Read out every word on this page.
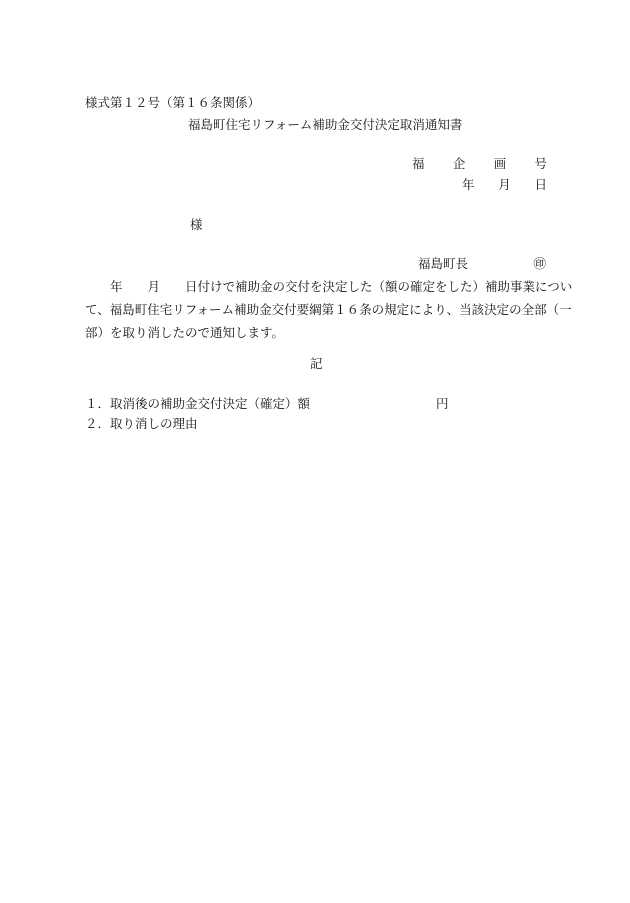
様式第１２号（第１６条関係）
福島町住宅リフォーム補助金交付決定取消通知書
福 企 画 号
年 月 日
様
福島町長	㊞
　　年　　月　　日付けで補助金の交付を決定した（額の確定をした）補助事業につい
て、福島町住宅リフォーム補助金交付要綱第１６条の規定により、当該決定の全部（一
部）を取り消したので通知します。
記
１．取消後の補助金交付決定（確定）額	円
２．取り消しの理由
